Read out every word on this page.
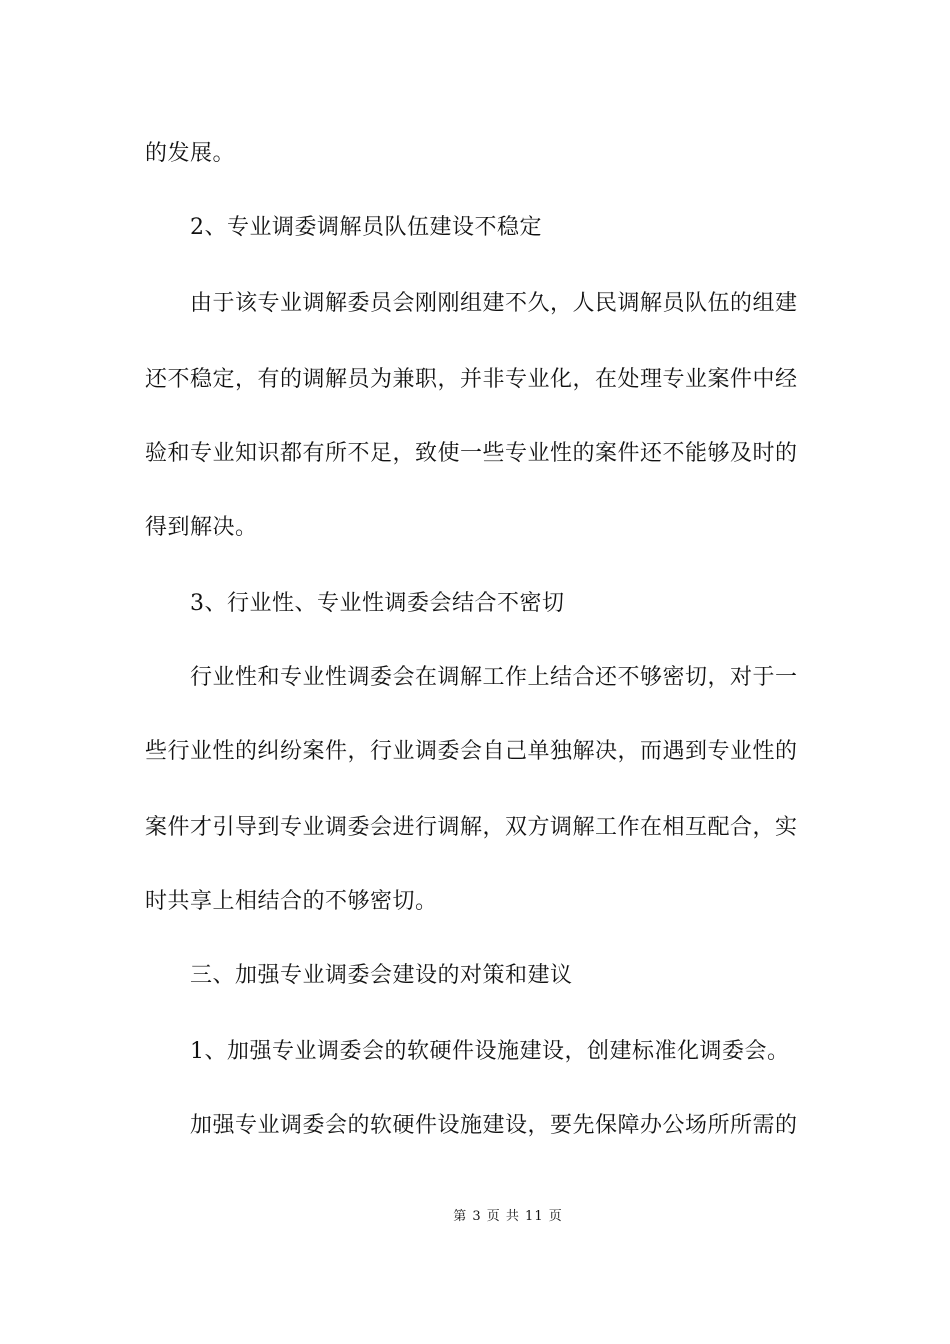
的发展。
　　2、专业调委调解员队伍建设不稳定
　　由于该专业调解委员会刚刚组建不久，人民调解员队伍的组建
还不稳定，有的调解员为兼职，并非专业化，在处理专业案件中经
验和专业知识都有所不足，致使一些专业性的案件还不能够及时的
得到解决。
　　3、行业性、专业性调委会结合不密切
　　行业性和专业性调委会在调解工作上结合还不够密切，对于一
些行业性的纠纷案件，行业调委会自己单独解决，而遇到专业性的
案件才引导到专业调委会进行调解，双方调解工作在相互配合，实
时共享上相结合的不够密切。
　　三、加强专业调委会建设的对策和建议
　　1、加强专业调委会的软硬件设施建设，创建标准化调委会。
　　加强专业调委会的软硬件设施建设，要先保障办公场所所需的
第 3 页 共 11 页
